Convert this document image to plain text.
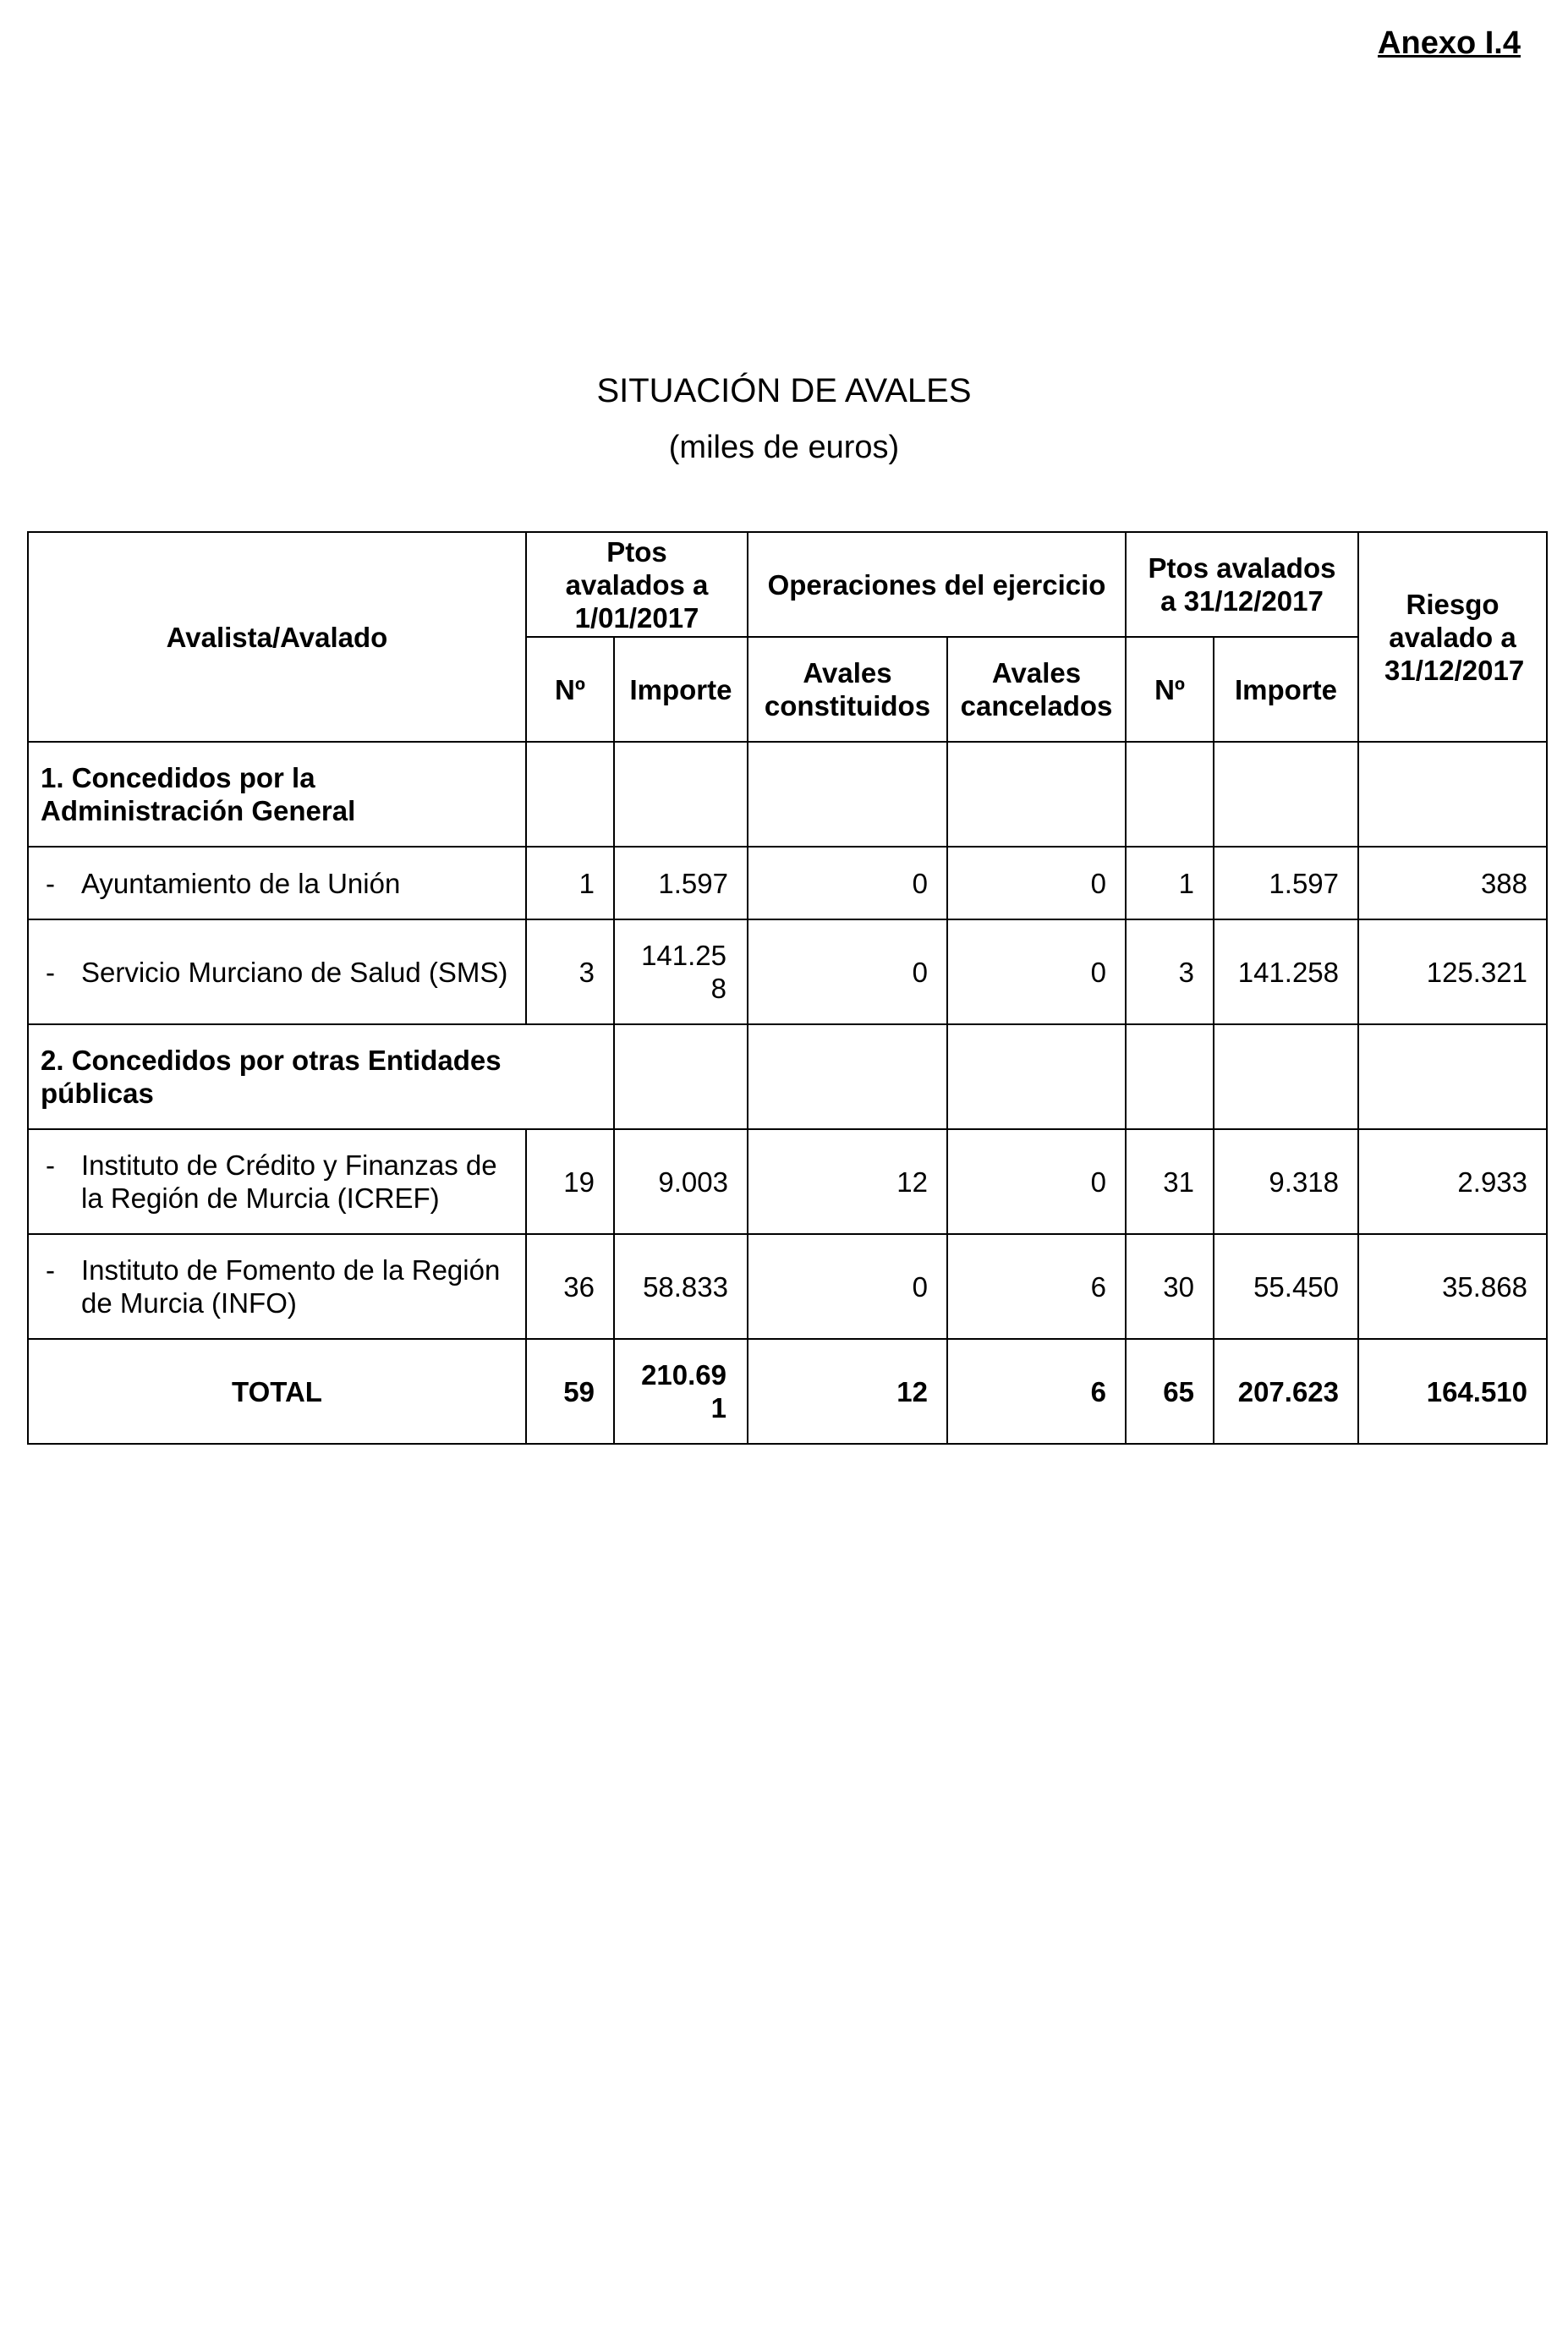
Anexo I.4
SITUACIÓN DE AVALES
(miles de euros)
Avalista/Avalado	Ptos avalados a 1/01/2017		Operaciones del ejercicio		Ptos avalados a 31/12/2017		Riesgo avalado a 31/12/2017
	Nº	Importe	Avales constituidos	Avales cancelados	Nº	Importe	
1. Concedidos por la Administración General							

- Ayuntamiento de la Unión	1	1.597	0	0	1	1.597	388

- Servicio Murciano de Salud (SMS)	3	141.258	0	0	3	141.258	125.321
2. Concedidos por otras Entidades públicas							

- Instituto de Crédito y Finanzas de la Región de Murcia (ICREF)	19	9.003	12	0	31	9.318	2.933

- Instituto de Fomento de la Región de Murcia (INFO)	36	58.833	0	6	30	55.450	35.868
TOTAL	59	210.691	12	6	65	207.623	164.510
